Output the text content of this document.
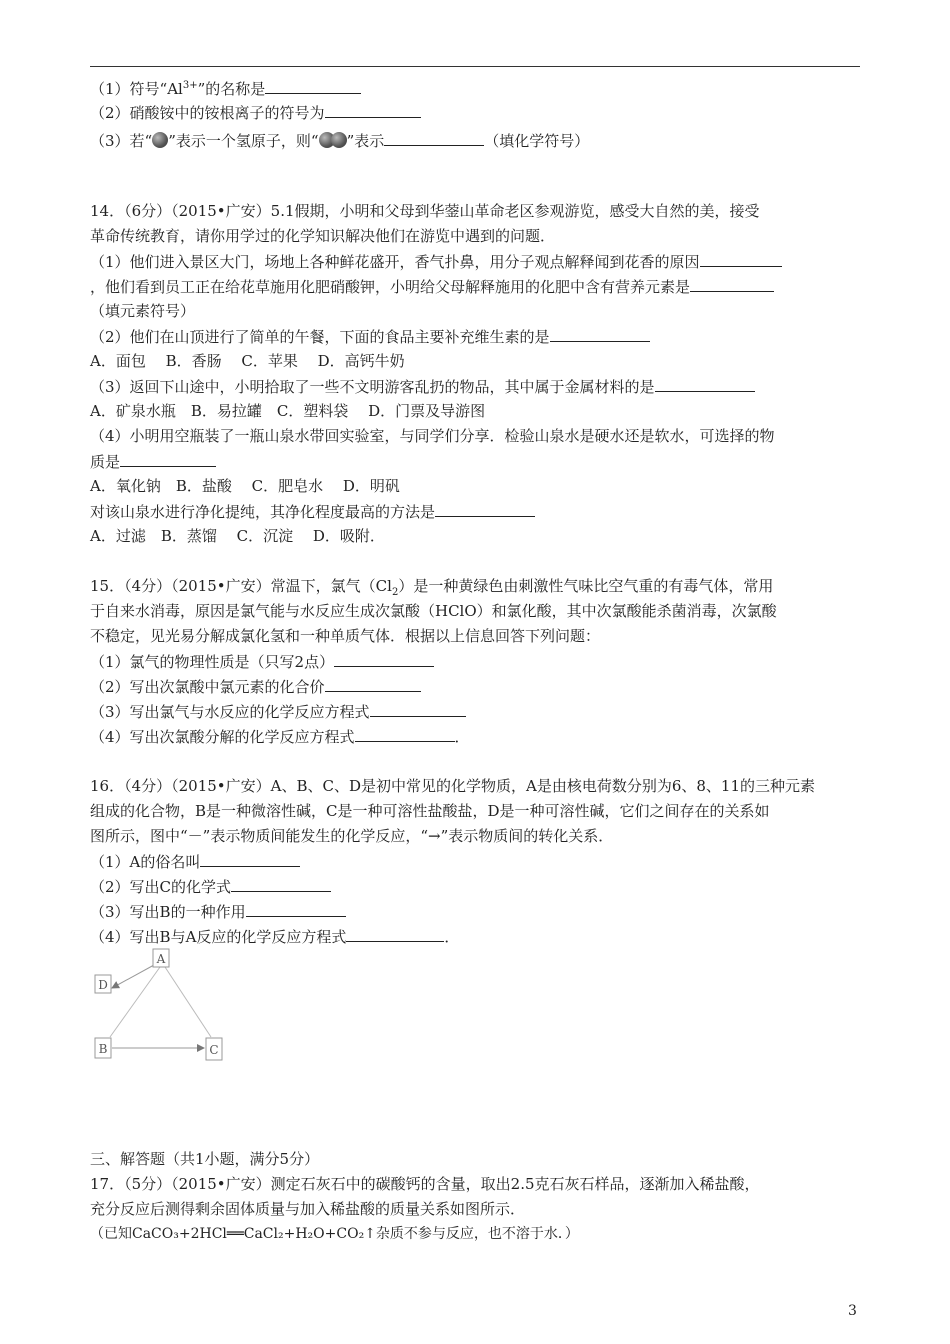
（1）符号“$Al^{3+}$”的名称是
（2）硝酸铵中的铵根离子的符号为
（3）若“ ”表示一个氢原子，则“ ”表示	（填化学符号）
14．（6分）（2015•广安）5.1假期，小明和父母到华蓥山革命老区参观游览，感受大自然的美，接受
革命传统教育，请你用学过的化学知识解决他们在游览中遇到的问题．
（1）他们进入景区大门，场地上各种鲜花盛开，香气扑鼻，用分子观点解释闻到花香的原因
，他们看到员工正在给花草施用化肥硝酸钾，小明给父母解释施用的化肥中含有营养元素是
（填元素符号）
（2）他们在山顶进行了简单的午餐，下面的食品主要补充维生素的是
A．面包　 B．香肠　 C．苹果　 D．高钙牛奶
（3）返回下山途中，小明拾取了一些不文明游客乱扔的物品，其中属于金属材料的是
A．矿泉水瓶　B．易拉罐　C．塑料袋　 D．门票及导游图
（4）小明用空瓶装了一瓶山泉水带回实验室，与同学们分享．检验山泉水是硬水还是软水，可选择的物
质是
A．氧化钠　B．盐酸　 C．肥皂水　 D．明矾
对该山泉水进行净化提纯，其净化程度最高的方法是
A．过滤　B．蒸馏　 C．沉淀　 D．吸附．
15．（4分）（2015•广安）常温下，氯气$(Cl_2)$是一种黄绿色由刺激性气味比空气重的有毒气体，常用
于自来水消毒，原因是氯气能与水反应生成次氯酸（HClO）和氯化酸，其中次氯酸能杀菌消毒，次氯酸
不稳定，见光易分解成氯化氢和一种单质气体．根据以上信息回答下列问题：
（1）氯气的物理性质是（只写2点）
（2）写出次氯酸中氯元素的化合价
（3）写出氯气与水反应的化学反应方程式
（4）写出次氯酸分解的化学反应方程式	．
16．（4分）（2015•广安）A、B、C、D是初中常见的化学物质，A是由核电荷数分别为6、8、11的三种元素
组成的化合物，B是一种微溶性碱，C是一种可溶性盐酸盐，D是一种可溶性碱，它们之间存在的关系如
图所示，图中“－”表示物质间能发生的化学反应，“→”表示物质间的转化关系．
（1）A的俗名叫
（2）写出C的化学式
（3）写出B的一种作用
（4）写出B与A反应的化学反应方程式	．
A
D
B	C
三、解答题（共1小题，满分5分）
17．（5分）（2015•广安）测定石灰石中的碳酸钙的含量，取出2.5克石灰石样品，逐渐加入稀盐酸，
充分反应后测得剩余固体质量与加入稀盐酸的质量关系如图所示．
（已知CaCO₃+2HCl══CaCl₂+H₂O+CO₂↑杂质不参与反应，也不溶于水．）
3
